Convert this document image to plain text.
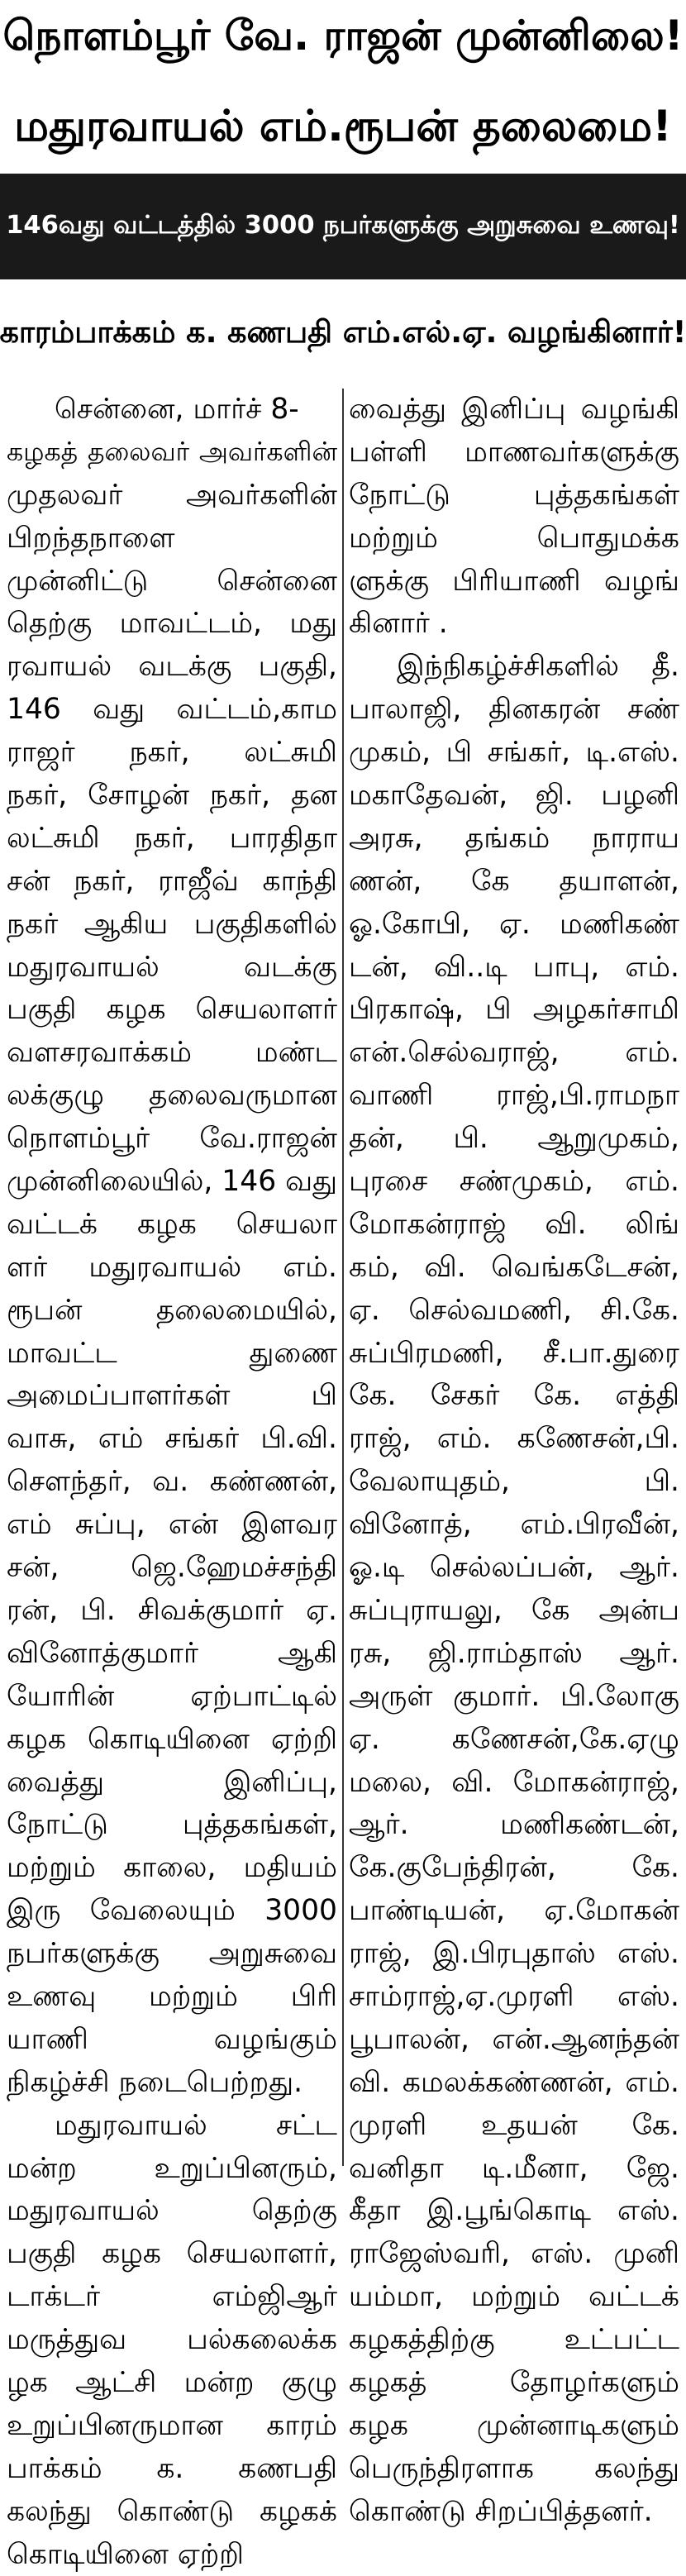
நொளம்பூர் வே. ராஜன் முன்னிலை!
மதுரவாயல் எம்.ரூபன் தலைமை!
146வது வட்டத்தில் 3000 நபர்களுக்கு அறுசுவை உணவு!
காரம்பாக்கம் க. கணபதி எம்.எல்.ஏ. வழங்கினார்!
சென்னை, மார்ச் 8-
கழகத் தலைவர் அவர்களின்
முதலவர் அவர்களின்
பிறந்தநாளை
முன்னிட்டு சென்னை
தெற்கு மாவட்டம், மது
ரவாயல் வடக்கு பகுதி,
146 வது வட்டம்,காம
ராஜர் நகர், லட்சுமி
நகர், சோழன் நகர், தன
லட்சுமி நகர், பாரதிதா
சன் நகர், ராஜீவ் காந்தி
நகர் ஆகிய பகுதிகளில்
மதுரவாயல் வடக்கு
பகுதி கழக செயலாளர்
வளசரவாக்கம் மண்ட
லக்குழு தலைவருமான
நொளம்பூர் வே.ராஜன்
முன்னிலையில், 146 வது
வட்டக் கழக செயலா
ளர் மதுரவாயல் எம்.
ரூபன் தலைமையில்,
மாவட்ட துணை
அமைப்பாளர்கள் பி
வாசு, எம் சங்கர் பி.வி.
சௌந்தர், வ. கண்ணன்,
எம் சுப்பு, என் இளவர
சன், ஜெ.ஹேமச்சந்தி
ரன், பி. சிவக்குமார் ஏ.
வினோத்குமார் ஆகி
யோரின் ஏற்பாட்டில்
கழக கொடியினை ஏற்றி
வைத்து இனிப்பு,
நோட்டு புத்தகங்கள்,
மற்றும் காலை, மதியம்
இரு வேலையும் 3000
நபர்களுக்கு அறுசுவை
உணவு மற்றும் பிரி
யாணி வழங்கும்
நிகழ்ச்சி நடைபெற்றது.
மதுரவாயல் சட்ட
மன்ற உறுப்பினரும்,
மதுரவாயல் தெற்கு
பகுதி கழக செயலாளர்,
டாக்டர் எம்ஜிஆர்
மருத்துவ பல்கலைக்க
ழக ஆட்சி மன்ற குழு
உறுப்பினருமான காரம்
பாக்கம் க. கணபதி
கலந்து கொண்டு கழகக்
கொடியினை ஏற்றி
வைத்து இனிப்பு வழங்கி
பள்ளி மாணவர்களுக்கு
நோட்டு புத்தகங்கள்
மற்றும் பொதுமக்க
ளுக்கு பிரியாணி வழங்
கினார் .
இந்நிகழ்ச்சிகளில் தீ.
பாலாஜி, தினகரன் சண்
முகம், பி சங்கர், டி.எஸ்.
மகாதேவன், ஜி. பழனி
அரசு, தங்கம் நாராய
ணன், கே தயாளன்,
ஓ.கோபி, ஏ. மணிகண்
டன், வி..டி பாபு, எம்.
பிரகாஷ், பி அழகர்சாமி
என்.செல்வராஜ், எம்.
வாணி ராஜ்,பி.ராமநா
தன், பி. ஆறுமுகம்,
புரசை சண்முகம், எம்.
மோகன்ராஜ் வி. லிங்
கம், வி. வெங்கடேசன்,
ஏ. செல்வமணி, சி.கே.
சுப்பிரமணி, சீ.பா.துரை
கே. சேகர் கே. எத்தி
ராஜ், எம். கணேசன்,பி.
வேலாயுதம், பி.
வினோத், எம்.பிரவீன்,
ஓ.டி செல்லப்பன், ஆர்.
சுப்புராயலு, கே அன்ப
ரசு, ஜி.ராம்தாஸ் ஆர்.
அருள் குமார். பி.லோகு
ஏ. கணேசன்,கே.ஏழு
மலை, வி. மோகன்ராஜ்,
ஆர். மணிகண்டன்,
கே.குபேந்திரன், கே.
பாண்டியன், ஏ.மோகன்
ராஜ், இ.பிரபுதாஸ் எஸ்.
சாம்ராஜ்,ஏ.முரளி எஸ்.
பூபாலன், என்.ஆனந்தன்
வி. கமலக்கண்ணன், எம்.
முரளி உதயன் கே.
வனிதா டி.மீனா, ஜே.
கீதா இ.பூங்கொடி எஸ்.
ராஜேஸ்வரி, எஸ். முனி
யம்மா, மற்றும் வட்டக்
கழகத்திற்கு உட்பட்ட
கழகத் தோழர்களும்
கழக முன்னாடிகளும்
பெருந்திரளாக கலந்து
கொண்டு சிறப்பித்தனர்.
